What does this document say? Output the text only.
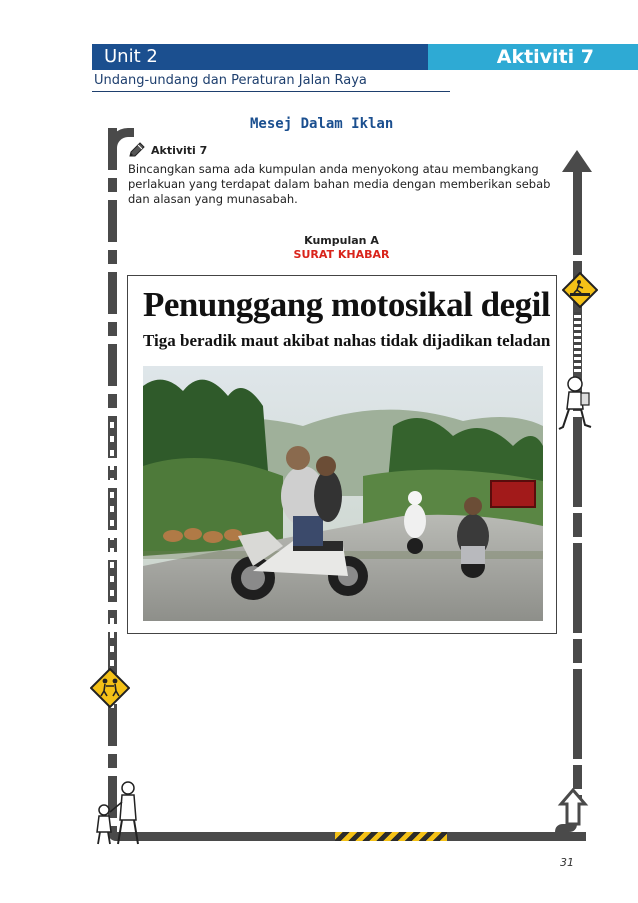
Unit 2	Aktiviti 7
Undang-undang dan Peraturan Jalan Raya
Mesej Dalam Iklan
Aktiviti 7
Bincangkan sama ada kumpulan anda menyokong atau membangkang perlakuan yang terdapat dalam bahan media dengan memberikan sebab dan alasan yang munasabah.
Kumpulan A
SURAT KHABAR
Penunggang motosikal degil
Tiga beradik maut akibat nahas tidak dijadikan teladan
31
